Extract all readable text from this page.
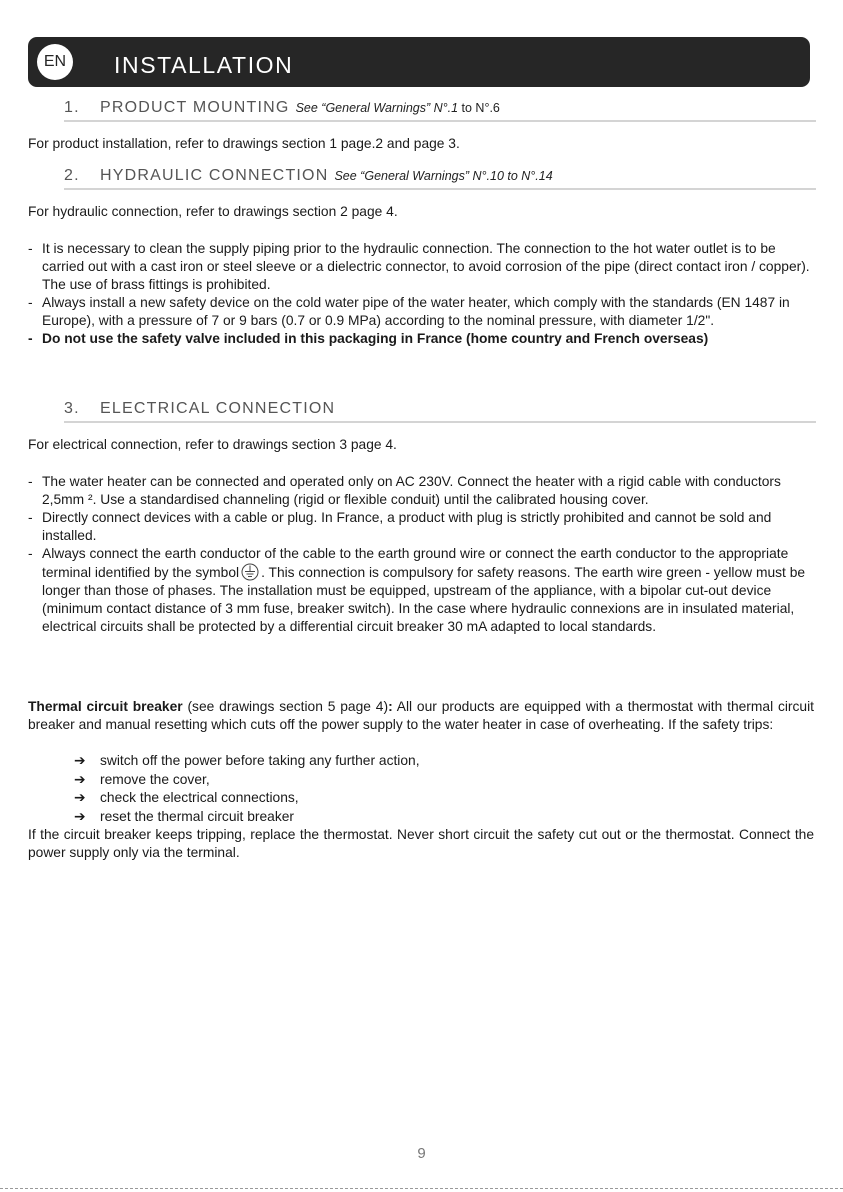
EN INSTALLATION
1. PRODUCT MOUNTING See “General Warnings” N°.1 to N°.6

For product installation, refer to drawings section 1 page.2 and page 3.

2. HYDRAULIC CONNECTION See “General Warnings” N°.10 to N°.14

For hydraulic connection, refer to drawings section 2 page 4.

- It is necessary to clean the supply piping prior to the hydraulic connection. The connection to the hot water outlet is to be carried out with a cast iron or steel sleeve or a dielectric connector, to avoid corrosion of the pipe (direct contact iron / copper). The use of brass fittings is prohibited.
- Always install a new safety device on the cold water pipe of the water heater, which comply with the standards (EN 1487 in Europe), with a pressure of 7 or 9 bars (0.7 or 0.9 MPa) according to the nominal pressure, with diameter 1/2".
- Do not use the safety valve included in this packaging in France (home country and French overseas)
3. ELECTRICAL CONNECTION

For electrical connection, refer to drawings section 3 page 4.

- The water heater can be connected and operated only on AC 230V. Connect the heater with a rigid cable with conductors 2,5mm ². Use a standardised channeling (rigid or flexible conduit) until the calibrated housing cover.
- Directly connect devices with a cable or plug. In France, a product with plug is strictly prohibited and cannot be sold and installed.
- Always connect the earth conductor of the cable to the earth ground wire or connect the earth conductor to the appropriate terminal identified by the symbol . This connection is compulsory for safety reasons. The earth wire green - yellow must be longer than those of phases. The installation must be equipped, upstream of the appliance, with a bipolar cut-out device (minimum contact distance of 3 mm fuse, breaker switch). In the case where hydraulic connexions are in insulated material, electrical circuits shall be protected by a differential circuit breaker 30 mA adapted to local standards.

Thermal circuit breaker (see drawings section 5 page 4): All our products are equipped with a thermostat with thermal circuit breaker and manual resetting which cuts off the power supply to the water heater in case of overheating. If the safety trips:

➔ switch off the power before taking any further action,
➔ remove the cover,
➔ check the electrical connections,
➔ reset the thermal circuit breaker

If the circuit breaker keeps tripping, replace the thermostat. Never short circuit the safety cut out or the thermostat. Connect the power supply only via the terminal.

9
